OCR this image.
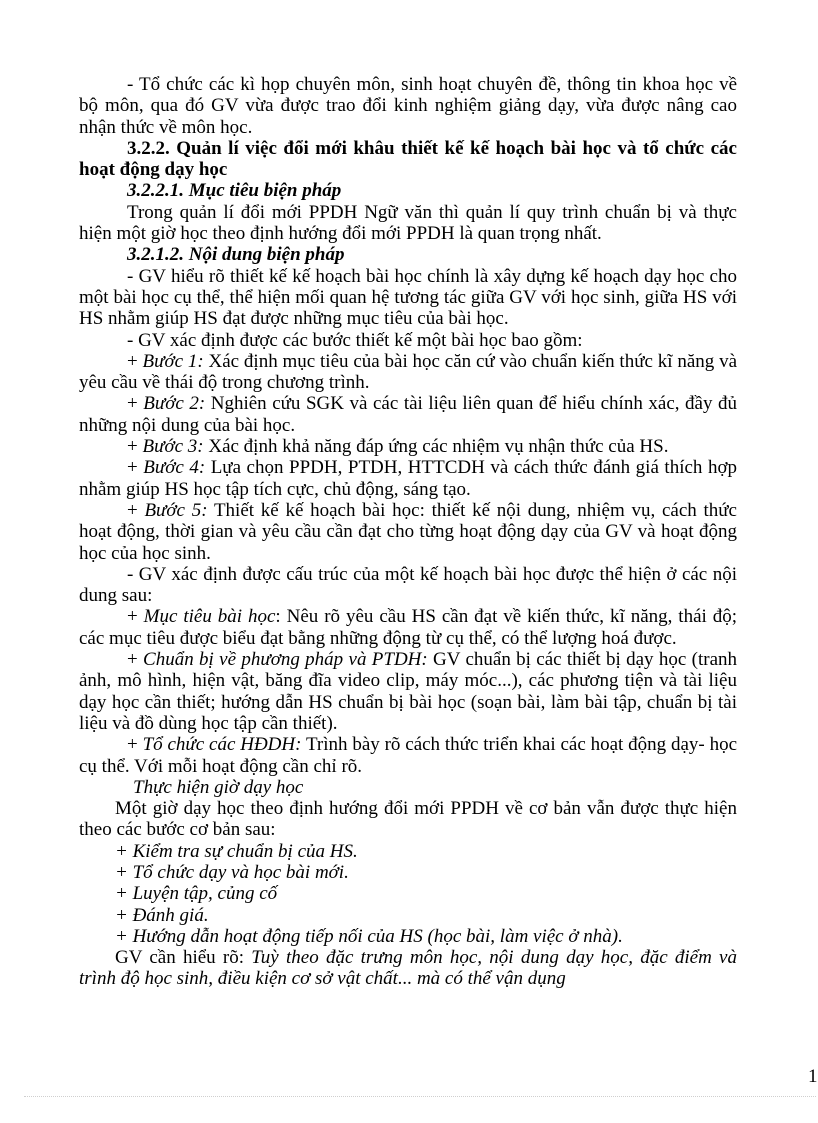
- Tổ chức các kì họp chuyên môn, sinh hoạt chuyên đề, thông tin khoa học về bộ môn, qua đó GV vừa được trao đổi kinh nghiệm giảng dạy, vừa được nâng cao nhận thức về môn học.

3.2.2. Quản lí việc đổi mới khâu thiết kế kế hoạch bài học và tổ chức các hoạt động dạy học

3.2.2.1. Mục tiêu biện pháp

Trong quản lí đổi mới PPDH Ngữ văn thì quản lí quy trình chuẩn bị và thực hiện một giờ học theo định hướng đổi mới PPDH là quan trọng nhất.

3.2.1.2. Nội dung biện pháp

- GV hiểu rõ thiết kế kế hoạch bài học chính là xây dựng kế hoạch dạy học cho một bài học cụ thể, thể hiện mối quan hệ tương tác giữa GV với học sinh, giữa HS với HS nhằm giúp HS đạt được những mục tiêu của bài học.

- GV xác định được các bước thiết kế một bài học bao gồm:

+ Bước 1: Xác định mục tiêu của bài học căn cứ vào chuẩn kiến thức kĩ năng và yêu cầu về thái độ trong chương trình.

+ Bước 2: Nghiên cứu SGK và các tài liệu liên quan để hiểu chính xác, đầy đủ những nội dung của bài học.

+ Bước 3: Xác định khả năng đáp ứng các nhiệm vụ nhận thức của HS.

+ Bước 4: Lựa chọn PPDH, PTDH, HTTCDH và cách thức đánh giá thích hợp nhằm giúp HS học tập tích cực, chủ động, sáng tạo.

+ Bước 5: Thiết kế kế hoạch bài học: thiết kế nội dung, nhiệm vụ, cách thức hoạt động, thời gian và yêu cầu cần đạt cho từng hoạt động dạy của GV và hoạt động học của học sinh.

- GV xác định được cấu trúc của một kế hoạch bài học được thể hiện ở các nội dung sau:

+ Mục tiêu bài học: Nêu rõ yêu cầu HS cần đạt về kiến thức, kĩ năng, thái độ; các mục tiêu được biểu đạt bằng những động từ cụ thể, có thể lượng hoá được.

+ Chuẩn bị về phương pháp và PTDH: GV chuẩn bị các thiết bị dạy học (tranh ảnh, mô hình, hiện vật, băng đĩa video clip, máy móc...), các phương tiện và tài liệu dạy học cần thiết; hướng dẫn HS chuẩn bị bài học (soạn bài, làm bài tập, chuẩn bị tài liệu và đồ dùng học tập cần thiết).

+ Tổ chức các HĐDH: Trình bày rõ cách thức triển khai các hoạt động dạy- học cụ thể. Với mỗi hoạt động cần chỉ rõ.

Thực hiện giờ dạy học

Một giờ dạy học theo định hướng đổi mới PPDH về cơ bản vẫn được thực hiện theo các bước cơ bản sau:

+ Kiểm tra sự chuẩn bị của HS.

+ Tổ chức dạy và học bài mới.

+ Luyện tập, củng cố

+ Đánh giá.

+ Hướng dẫn hoạt động tiếp nối của HS (học bài, làm việc ở nhà).

GV cần hiểu rõ: Tuỳ theo đặc trưng môn học, nội dung dạy học, đặc điểm và trình độ học sinh, điều kiện cơ sở vật chất... mà có thể vận dụng

1
